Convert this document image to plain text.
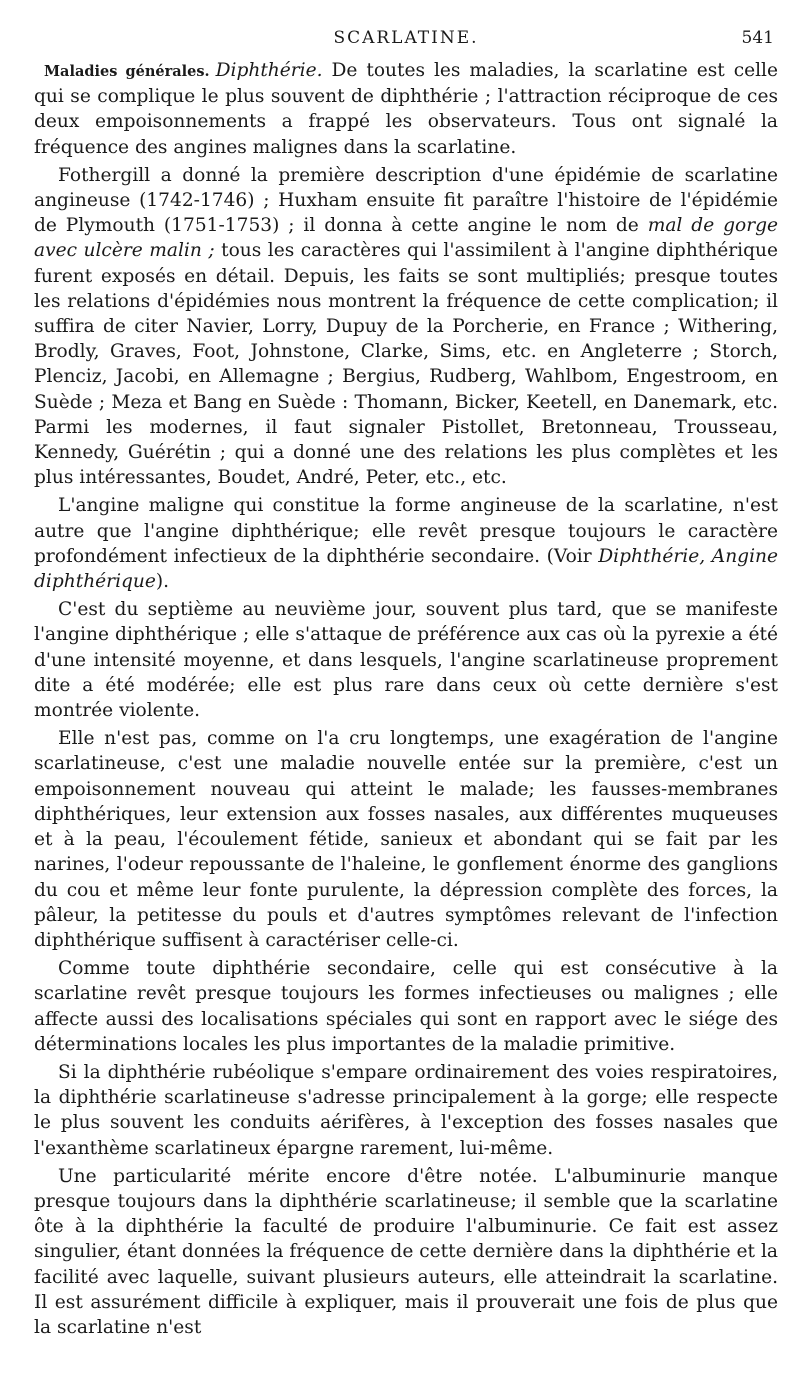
SCARLATINE.	541

Maladies générales. Diphthérie. De toutes les maladies, la scarlatine est celle qui se complique le plus souvent de diphthérie ; l'attraction réciproque de ces deux empoisonnements a frappé les observateurs. Tous ont signalé la fréquence des angines malignes dans la scarlatine.

Fothergill a donné la première description d'une épidémie de scarlatine angineuse (1742-1746) ; Huxham ensuite fit paraître l'histoire de l'épidémie de Plymouth (1751-1753) ; il donna à cette angine le nom de mal de gorge avec ulcère malin ; tous les caractères qui l'assimilent à l'angine diphthérique furent exposés en détail. Depuis, les faits se sont multipliés; presque toutes les relations d'épidémies nous montrent la fréquence de cette complication; il suffira de citer Navier, Lorry, Dupuy de la Porcherie, en France ; Withering, Brodly, Graves, Foot, Johnstone, Clarke, Sims, etc. en Angleterre ; Storch, Plenciz, Jacobi, en Allemagne ; Bergius, Rudberg, Wahlbom, Engestroom, en Suède ; Meza et Bang en Suède : Thomann, Bicker, Keetell, en Danemark, etc. Parmi les modernes, il faut signaler Pistollet, Bretonneau, Trousseau, Kennedy, Guérétin ; qui a donné une des relations les plus complètes et les plus intéressantes, Boudet, André, Peter, etc., etc.

L'angine maligne qui constitue la forme angineuse de la scarlatine, n'est autre que l'angine diphthérique; elle revêt presque toujours le caractère profondément infectieux de la diphthérie secondaire. (Voir Diphthérie, Angine diphthérique).

C'est du septième au neuvième jour, souvent plus tard, que se manifeste l'angine diphthérique ; elle s'attaque de préférence aux cas où la pyrexie a été d'une intensité moyenne, et dans lesquels, l'angine scarlatineuse proprement dite a été modérée; elle est plus rare dans ceux où cette dernière s'est montrée violente.

Elle n'est pas, comme on l'a cru longtemps, une exagération de l'angine scarlatineuse, c'est une maladie nouvelle entée sur la première, c'est un empoisonnement nouveau qui atteint le malade; les fausses-membranes diphthériques, leur extension aux fosses nasales, aux différentes muqueuses et à la peau, l'écoulement fétide, sanieux et abondant qui se fait par les narines, l'odeur repoussante de l'haleine, le gonflement énorme des ganglions du cou et même leur fonte purulente, la dépression complète des forces, la pâleur, la petitesse du pouls et d'autres symptômes relevant de l'infection diphthérique suffisent à caractériser celle-ci.

Comme toute diphthérie secondaire, celle qui est consécutive à la scarlatine revêt presque toujours les formes infectieuses ou malignes ; elle affecte aussi des localisations spéciales qui sont en rapport avec le siége des déterminations locales les plus importantes de la maladie primitive.

Si la diphthérie rubéolique s'empare ordinairement des voies respiratoires, la diphthérie scarlatineuse s'adresse principalement à la gorge; elle respecte le plus souvent les conduits aérifères, à l'exception des fosses nasales que l'exanthème scarlatineux épargne rarement, lui-même.

Une particularité mérite encore d'être notée. L'albuminurie manque presque toujours dans la diphthérie scarlatineuse; il semble que la scarlatine ôte à la diphthérie la faculté de produire l'albuminurie. Ce fait est assez singulier, étant données la fréquence de cette dernière dans la diphthérie et la facilité avec laquelle, suivant plusieurs auteurs, elle atteindrait la scarlatine. Il est assurément difficile à expliquer, mais il prouverait une fois de plus que la scarlatine n'est
